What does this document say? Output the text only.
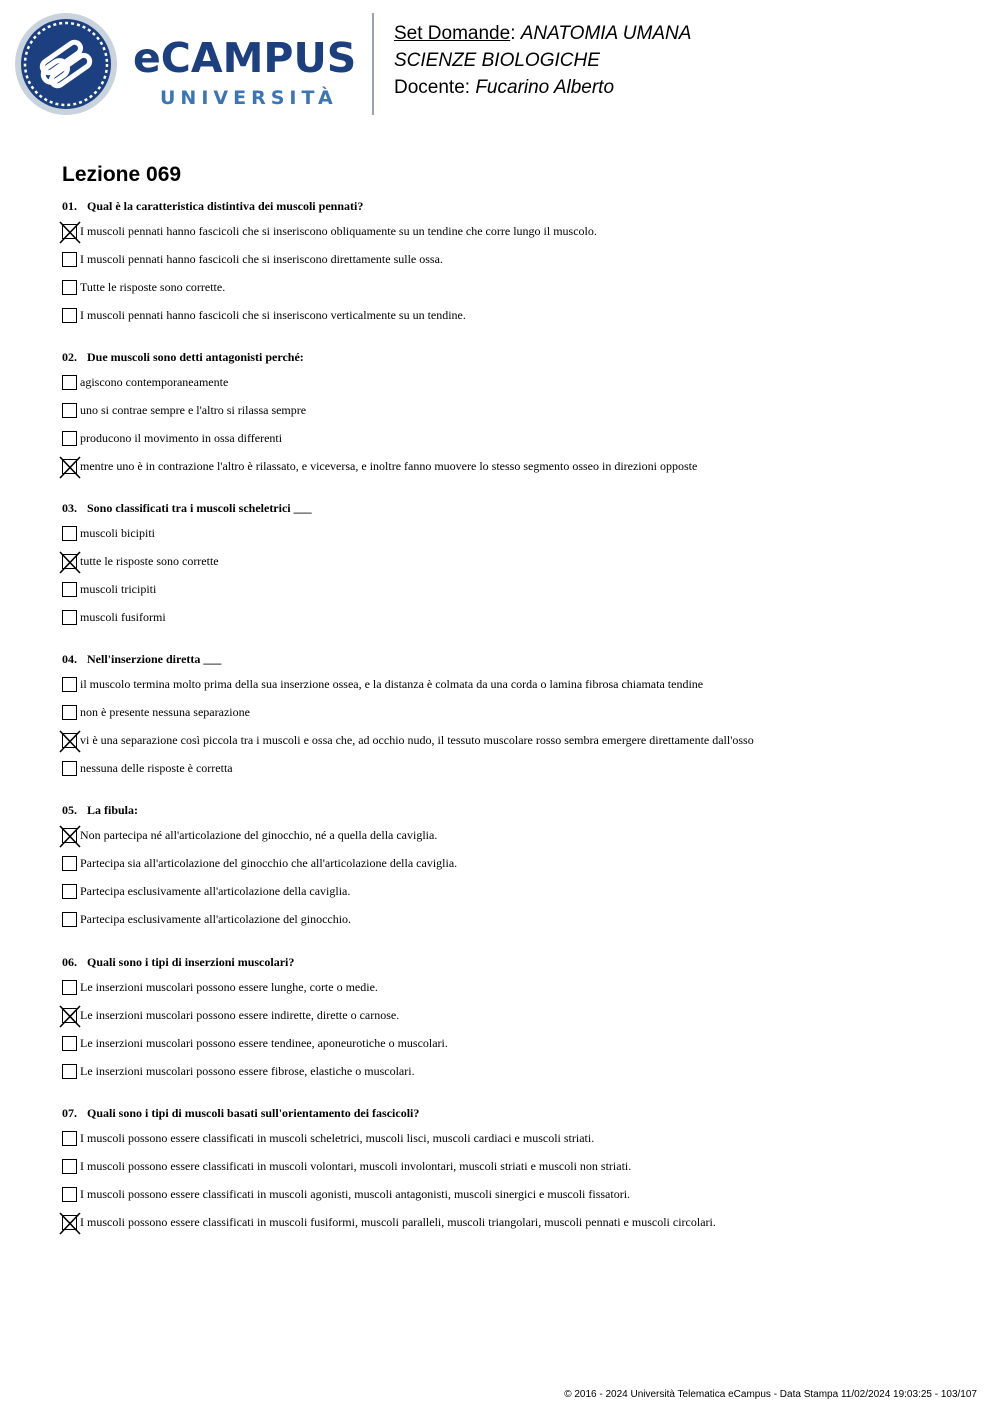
eCAMPUS
UNIVERSITÀ
Set Domande: ANATOMIA UMANA
SCIENZE BIOLOGICHE
Docente: Fucarino Alberto
Lezione 069
01. Qual è la caratteristica distintiva dei muscoli pennati?
I muscoli pennati hanno fascicoli che si inseriscono obliquamente su un tendine che corre lungo il muscolo.
I muscoli pennati hanno fascicoli che si inseriscono direttamente sulle ossa.
Tutte le risposte sono corrette.
I muscoli pennati hanno fascicoli che si inseriscono verticalmente su un tendine.
02. Due muscoli sono detti antagonisti perché:
agiscono contemporaneamente
uno si contrae sempre e l'altro si rilassa sempre
producono il movimento in ossa differenti
mentre uno è in contrazione l'altro è rilassato, e viceversa, e inoltre fanno muovere lo stesso segmento osseo in direzioni opposte
03. Sono classificati tra i muscoli scheletrici ___
muscoli bicipiti
tutte le risposte sono corrette
muscoli tricipiti
muscoli fusiformi
04. Nell'inserzione diretta ___
il muscolo termina molto prima della sua inserzione ossea, e la distanza è colmata da una corda o lamina fibrosa chiamata tendine
non è presente nessuna separazione
vi è una separazione così piccola tra i muscoli e ossa che, ad occhio nudo, il tessuto muscolare rosso sembra emergere direttamente dall'osso
nessuna delle risposte è corretta
05. La fibula:
Non partecipa né all'articolazione del ginocchio, né a quella della caviglia.
Partecipa sia all'articolazione del ginocchio che all'articolazione della caviglia.
Partecipa esclusivamente all'articolazione della caviglia.
Partecipa esclusivamente all'articolazione del ginocchio.
06. Quali sono i tipi di inserzioni muscolari?
Le inserzioni muscolari possono essere lunghe, corte o medie.
Le inserzioni muscolari possono essere indirette, dirette o carnose.
Le inserzioni muscolari possono essere tendinee, aponeurotiche o muscolari.
Le inserzioni muscolari possono essere fibrose, elastiche o muscolari.
07. Quali sono i tipi di muscoli basati sull'orientamento dei fascicoli?
I muscoli possono essere classificati in muscoli scheletrici, muscoli lisci, muscoli cardiaci e muscoli striati.
I muscoli possono essere classificati in muscoli volontari, muscoli involontari, muscoli striati e muscoli non striati.
I muscoli possono essere classificati in muscoli agonisti, muscoli antagonisti, muscoli sinergici e muscoli fissatori.
I muscoli possono essere classificati in muscoli fusiformi, muscoli paralleli, muscoli triangolari, muscoli pennati e muscoli circolari.
© 2016 - 2024 Università Telematica eCampus - Data Stampa 11/02/2024 19:03:25 - 103/107
